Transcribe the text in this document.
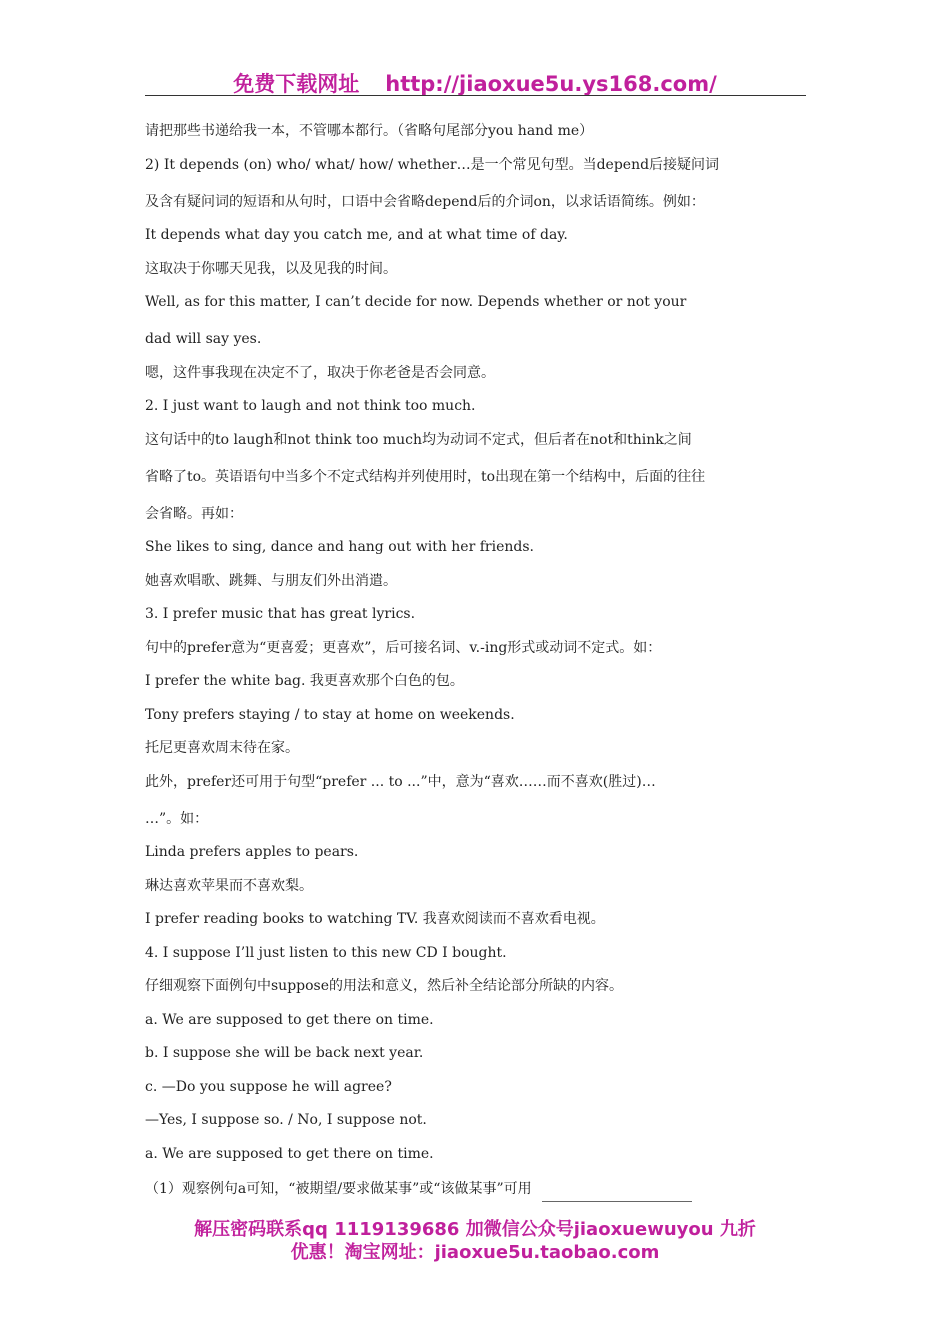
免费下载网址 http://jiaoxue5u.ys168.com/
请把那些书递给我一本，不管哪本都行。（省略句尾部分you hand me）
2) It depends (on) who/ what/ how/ whether…是一个常见句型。当depend后接疑问词
及含有疑问词的短语和从句时，口语中会省略depend后的介词on，以求话语简练。例如：
It depends what day you catch me, and at what time of day.
这取决于你哪天见我，以及见我的时间。
Well, as for this matter, I can’t decide for now. Depends whether or not your
dad will say yes.
嗯，这件事我现在决定不了，取决于你老爸是否会同意。
2. I just want to laugh and not think too much.
这句话中的to laugh和not think too much均为动词不定式，但后者在not和think之间
省略了to。英语语句中当多个不定式结构并列使用时，to出现在第一个结构中，后面的往往
会省略。再如：
She likes to sing, dance and hang out with her friends.
她喜欢唱歌、跳舞、与朋友们外出消遣。
3. I prefer music that has great lyrics.
句中的prefer意为“更喜爱；更喜欢”，后可接名词、v.-ing形式或动词不定式。如：
I prefer the white bag. 我更喜欢那个白色的包。
Tony prefers staying / to stay at home on weekends.
托尼更喜欢周末待在家。
此外，prefer还可用于句型“prefer ... to ...”中，意为“喜欢……而不喜欢(胜过)…
…”。如：
Linda prefers apples to pears.
琳达喜欢苹果而不喜欢梨。
I prefer reading books to watching TV. 我喜欢阅读而不喜欢看电视。
4. I suppose I’ll just listen to this new CD I bought.
仔细观察下面例句中suppose的用法和意义，然后补全结论部分所缺的内容。
a. We are supposed to get there on time.
b. I suppose she will be back next year.
c. —Do you suppose he will agree?
—Yes, I suppose so. / No, I suppose not.
a. We are supposed to get there on time.
（1）观察例句a可知，“被期望/要求做某事”或“该做某事”可用
解压密码联系qq 1119139686 加微信公众号jiaoxuewuyou 九折
优惠！淘宝网址：jiaoxue5u.taobao.com
